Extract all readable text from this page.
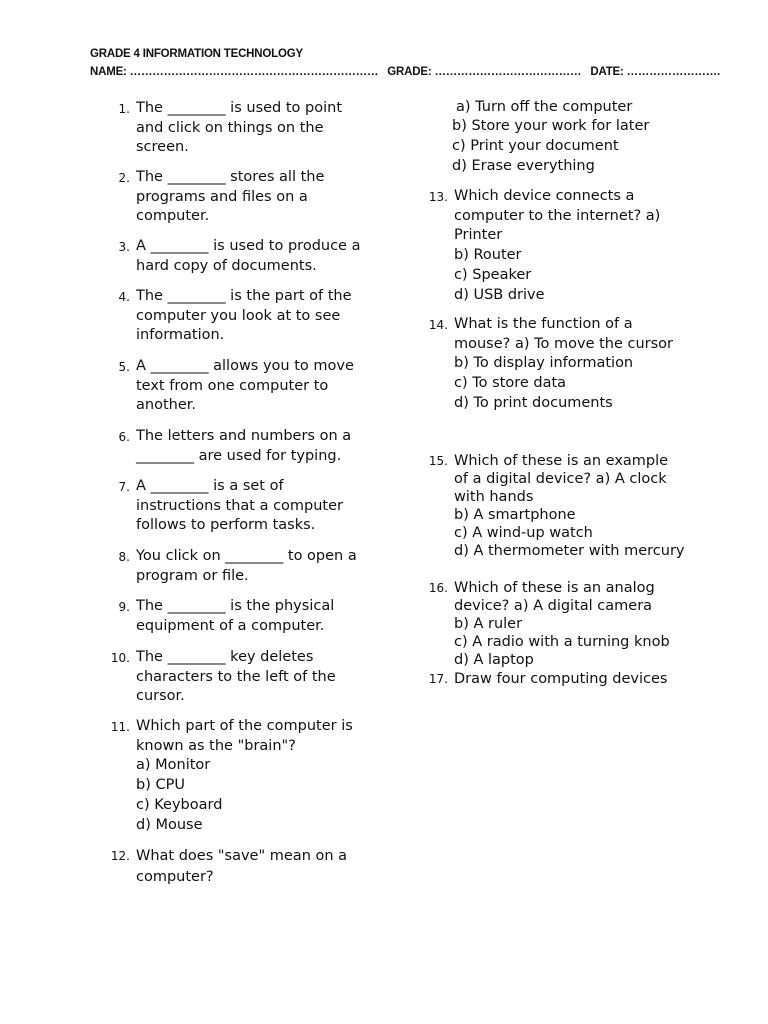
GRADE 4 INFORMATION TECHNOLOGY
NAME: ………………………………………………………… GRADE: ………………………………… DATE: …………………….
1. The ________ is used to point and click on things on the screen.
2. The ________ stores all the programs and files on a computer.
3. A ________ is used to produce a hard copy of documents.
4. The ________ is the part of the computer you look at to see information.
5. A ________ allows you to move text from one computer to another.
6. The letters and numbers on a ________ are used for typing.
7. A ________ is a set of instructions that a computer follows to perform tasks.
8. You click on ________ to open a program or file.
9. The ________ is the physical equipment of a computer.
10. The ________ key deletes characters to the left of the cursor.
11. Which part of the computer is known as the "brain"?
a) Monitor
b) CPU
c) Keyboard
d) Mouse
12. What does "save" mean on a computer?
a) Turn off the computer
b) Store your work for later
c) Print your document
d) Erase everything
13. Which device connects a computer to the internet? a) Printer
b) Router
c) Speaker
d) USB drive
14. What is the function of a mouse? a) To move the cursor
b) To display information
c) To store data
d) To print documents
15. Which of these is an example of a digital device? a) A clock with hands
b) A smartphone
c) A wind-up watch
d) A thermometer with mercury
16. Which of these is an analog device? a) A digital camera
b) A ruler
c) A radio with a turning knob
d) A laptop
17. Draw four computing devices
